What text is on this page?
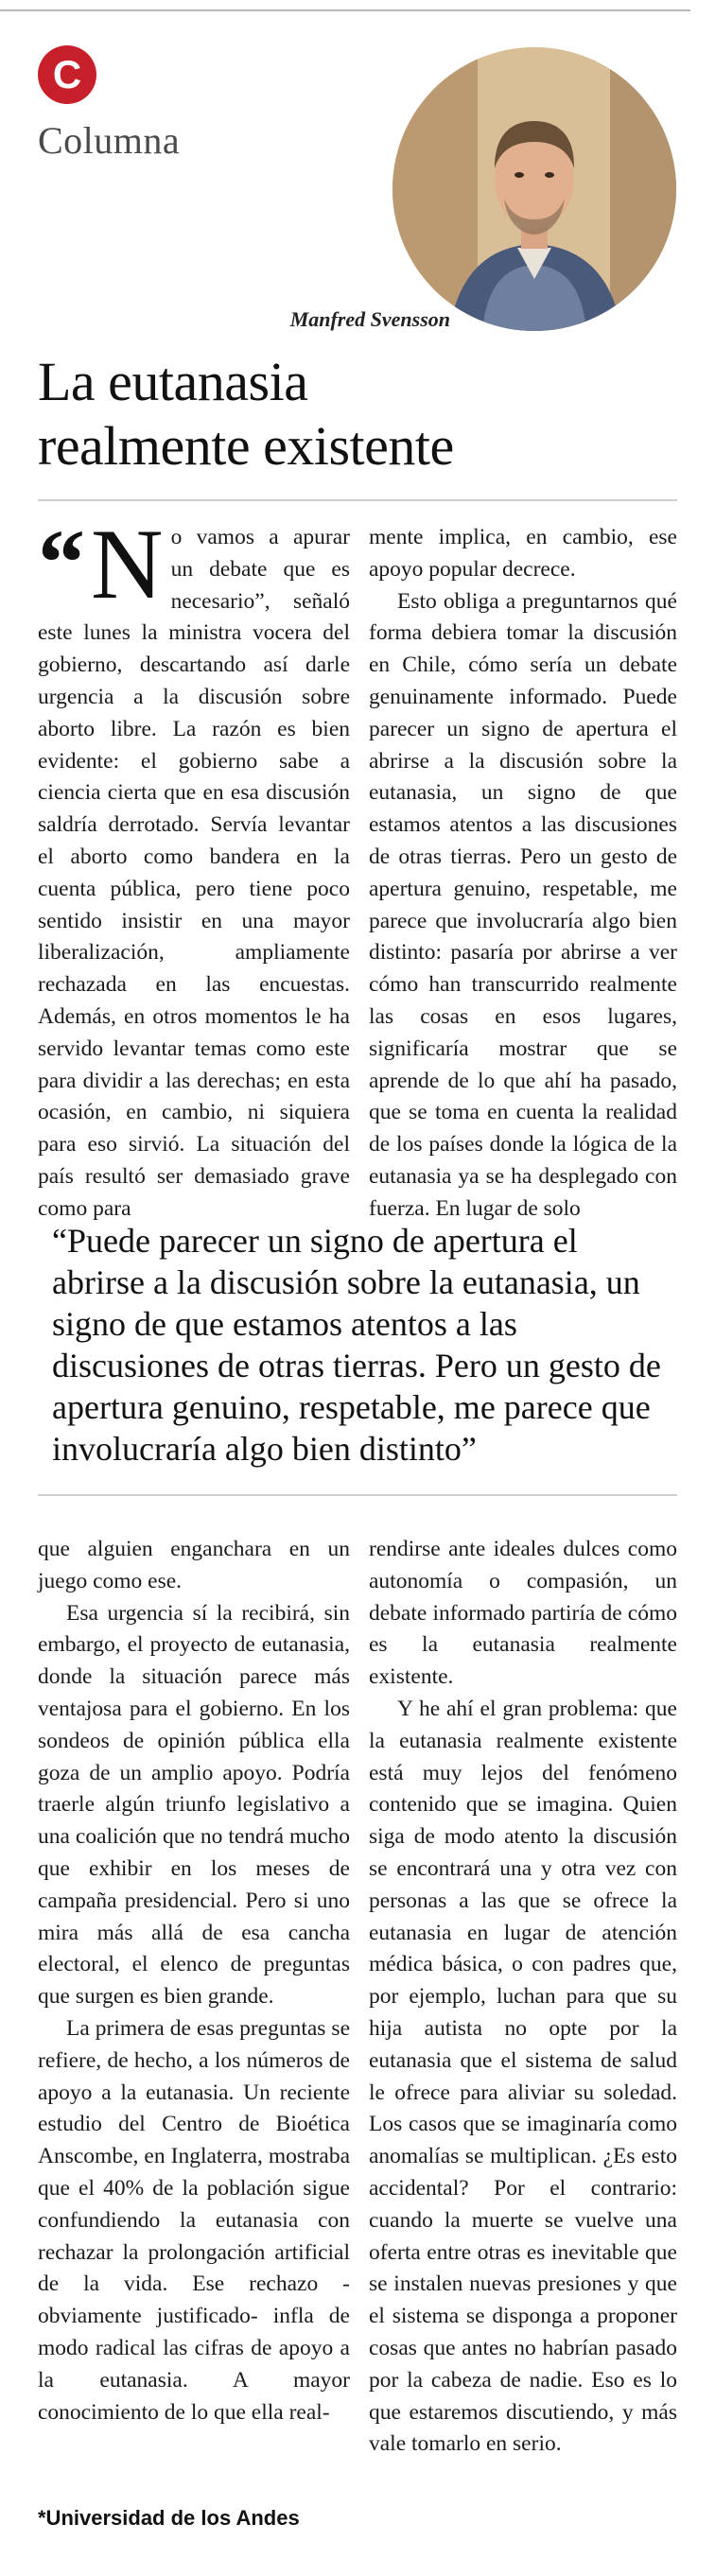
C
Columna
Manfred Svensson
La eutanasia
realmente existente
“ N o vamos a apurar un debate que es necesario”, señaló este lunes la ministra vocera del gobierno, descartando así darle urgencia a la discusión sobre aborto libre. La razón es bien evidente: el gobierno sabe a ciencia cierta que en esa discusión saldría derrotado. Servía levantar el aborto como bandera en la cuenta pública, pero tiene poco sentido insistir en una mayor liberalización, ampliamente rechazada en las encuestas. Además, en otros momentos le ha servido levantar temas como este para dividir a las derechas; en esta ocasión, en cambio, ni siquiera para eso sirvió. La situación del país resultó ser demasiado grave como para

mente implica, en cambio, ese apoyo popular decrece.

Esto obliga a preguntarnos qué forma debiera tomar la discusión en Chile, cómo sería un debate genuinamente informado. Puede parecer un signo de apertura el abrirse a la discusión sobre la eutanasia, un signo de que estamos atentos a las discusiones de otras tierras. Pero un gesto de apertura genuino, respetable, me parece que involucraría algo bien distinto: pasaría por abrirse a ver cómo han transcurrido realmente las cosas en esos lugares, significaría mostrar que se aprende de lo que ahí ha pasado, que se toma en cuenta la realidad de los países donde la lógica de la eutanasia ya se ha desplegado con fuerza. En lugar de solo

“Puede parecer un signo de apertura el abrirse a la discusión sobre la eutanasia, un signo de que estamos atentos a las discusiones de otras tierras. Pero un gesto de apertura genuino, respetable, me parece que involucraría algo bien distinto”

que alguien enganchara en un juego como ese.

Esa urgencia sí la recibirá, sin embargo, el proyecto de eutanasia, donde la situación parece más ventajosa para el gobierno. En los sondeos de opinión pública ella goza de un amplio apoyo. Podría traerle algún triunfo legislativo a una coalición que no tendrá mucho que exhibir en los meses de campaña presidencial. Pero si uno mira más allá de esa cancha electoral, el elenco de preguntas que surgen es bien grande.

La primera de esas preguntas se refiere, de hecho, a los números de apoyo a la eutanasia. Un reciente estudio del Centro de Bioética Anscombe, en Inglaterra, mostraba que el 40% de la población sigue confundiendo la eutanasia con rechazar la prolongación artificial de la vida. Ese rechazo -obviamente justificado- infla de modo radical las cifras de apoyo a la eutanasia. A mayor conocimiento de lo que ella real-

rendirse ante ideales dulces como autonomía o compasión, un debate informado partiría de cómo es la eutanasia realmente existente.

Y he ahí el gran problema: que la eutanasia realmente existente está muy lejos del fenómeno contenido que se imagina. Quien siga de modo atento la discusión se encontrará una y otra vez con personas a las que se ofrece la eutanasia en lugar de atención médica básica, o con padres que, por ejemplo, luchan para que su hija autista no opte por la eutanasia que el sistema de salud le ofrece para aliviar su soledad. Los casos que se imaginaría como anomalías se multiplican. ¿Es esto accidental? Por el contrario: cuando la muerte se vuelve una oferta entre otras es inevitable que se instalen nuevas presiones y que el sistema se disponga a proponer cosas que antes no habrían pasado por la cabeza de nadie. Eso es lo que estaremos discutiendo, y más vale tomarlo en serio.

*Universidad de los Andes
